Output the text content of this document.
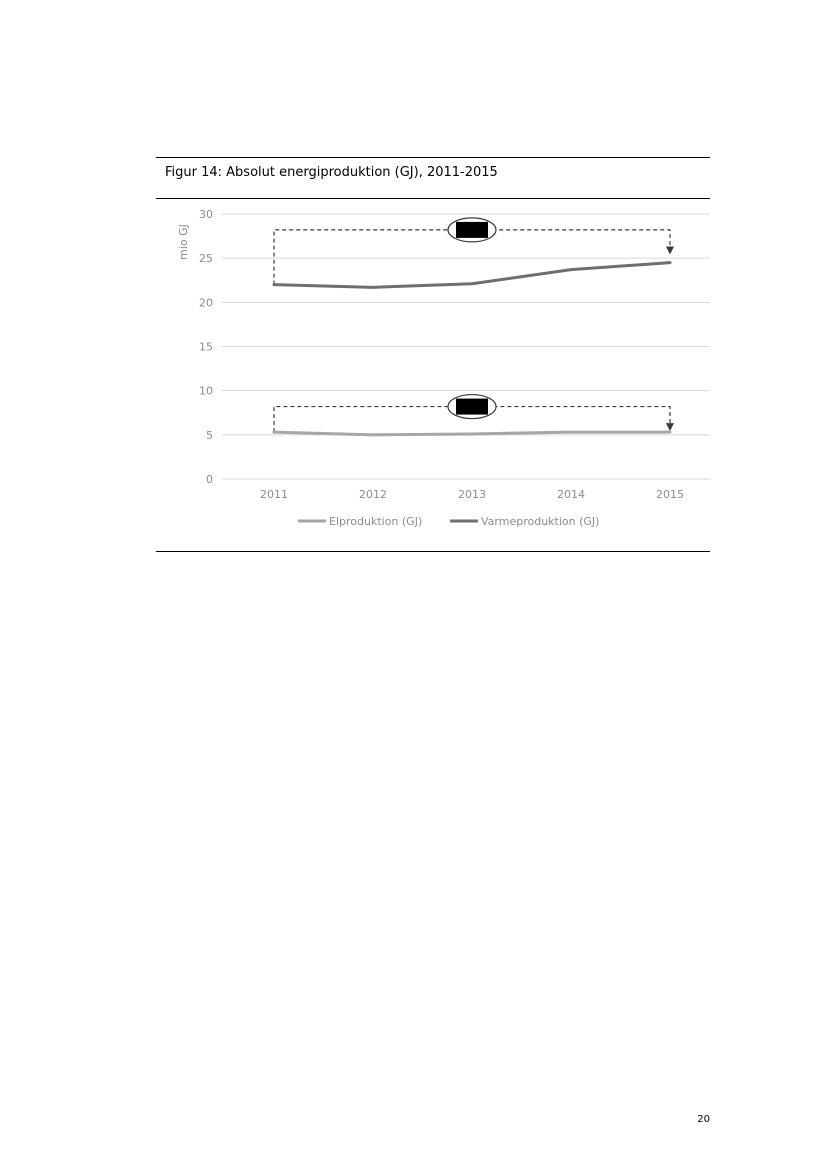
Figur 14: Absolut energiproduktion (GJ), 2011-2015
0
5
10
15
20
25
30
mio GJ
2011	2012	2013	2014	2015
Elproduktion (GJ)	Varmeproduktion (GJ)
20
